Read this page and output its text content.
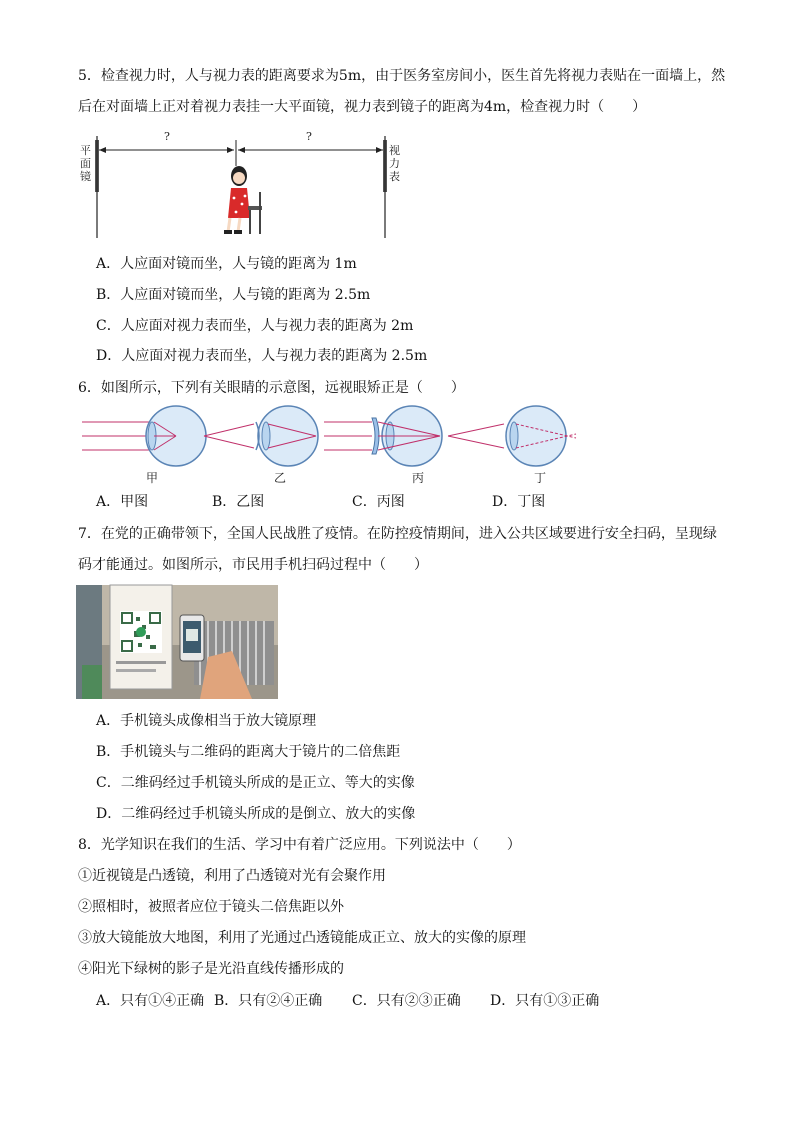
5．检查视力时，人与视力表的距离要求为5m，由于医务室房间小，医生首先将视力表贴在一面墙上，然
后在对面墙上正对着视力表挂一大平面镜，视力表到镜子的距离为4m，检查视力时（　　）
?	?
平
面
镜
视
力
表
A．人应面对镜而坐，人与镜的距离为 1m
B．人应面对镜而坐，人与镜的距离为 2.5m
C．人应面对视力表而坐，人与视力表的距离为 2m
D．人应面对视力表而坐，人与视力表的距离为 2.5m
6．如图所示，下列有关眼睛的示意图，远视眼矫正是（　　）
甲	乙	丙	丁
A．甲图	B．乙图	C．丙图	D．丁图
7．在党的正确带领下，全国人民战胜了疫情。在防控疫情期间，进入公共区域要进行安全扫码，呈现绿
码才能通过。如图所示，市民用手机扫码过程中（　　）
A．手机镜头成像相当于放大镜原理
B．手机镜头与二维码的距离大于镜片的二倍焦距
C．二维码经过手机镜头所成的是正立、等大的实像
D．二维码经过手机镜头所成的是倒立、放大的实像
8．光学知识在我们的生活、学习中有着广泛应用。下列说法中（　　）
①近视镜是凸透镜，利用了凸透镜对光有会聚作用
②照相时，被照者应位于镜头二倍焦距以外
③放大镜能放大地图，利用了光通过凸透镜能成正立、放大的实像的原理
④阳光下绿树的影子是光沿直线传播形成的
A．只有①④正确 B．只有②④正确 C．只有②③正确 D．只有①③正确
